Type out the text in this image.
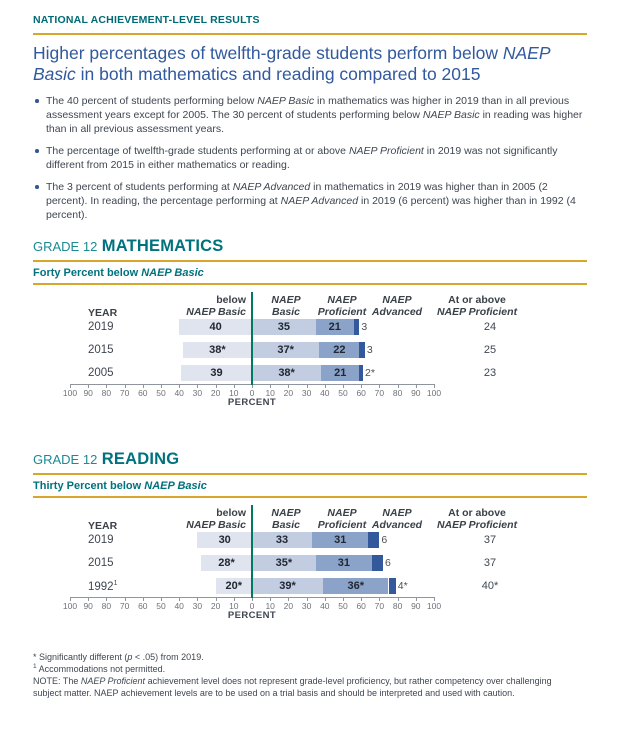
NATIONAL ACHIEVEMENT-LEVEL RESULTS
Higher percentages of twelfth-grade students perform below NAEP Basic in both mathematics and reading compared to 2015
The 40 percent of students performing below NAEP Basic in mathematics was higher in 2019 than in all previous assessment years except for 2005. The 30 percent of students performing below NAEP Basic in reading was higher than in all previous assessment years.
The percentage of twelfth-grade students performing at or above NAEP Proficient in 2019 was not significantly different from 2015 in either mathematics or reading.
The 3 percent of students performing at NAEP Advanced in mathematics in 2019 was higher than in 2005 (2 percent). In reading, the percentage performing at NAEP Advanced in 2019 (6 percent) was higher than in 1992 (4 percent).
GRADE 12 MATHEMATICS
Forty Percent below NAEP Basic
below
NAEP Basic
NAEP
Basic
NAEP
Proficient
NAEP
Advanced
At or above
NAEP Proficient
YEAR
PERCENT
2019	40	35	21	3	24
2015	38*	37*	22	3	25
2005	39	38*	21	2*	23
100 90 80 70 60 50 40 30 20 10 0 10 20 30 40 50 60 70 80 90 100
GRADE 12 READING
Thirty Percent below NAEP Basic
below
NAEP Basic
NAEP
Basic
NAEP
Proficient
NAEP
Advanced
At or above
NAEP Proficient
YEAR
PERCENT
2019	30	33	31	6	37
2015	28*	35*	31	6	37
1992$^1$	20*	39*	36*	4*	40*
100 90 80 70 60 50 40 30 20 10 0 10 20 30 40 50 60 70 80 90 100
* Significantly different (p < .05) from 2019.
$^1$ Accommodations not permitted.
NOTE: The NAEP Proficient achievement level does not represent grade-level proficiency, but rather competency over challenging subject matter. NAEP achievement levels are to be used on a trial basis and should be interpreted and used with caution.
